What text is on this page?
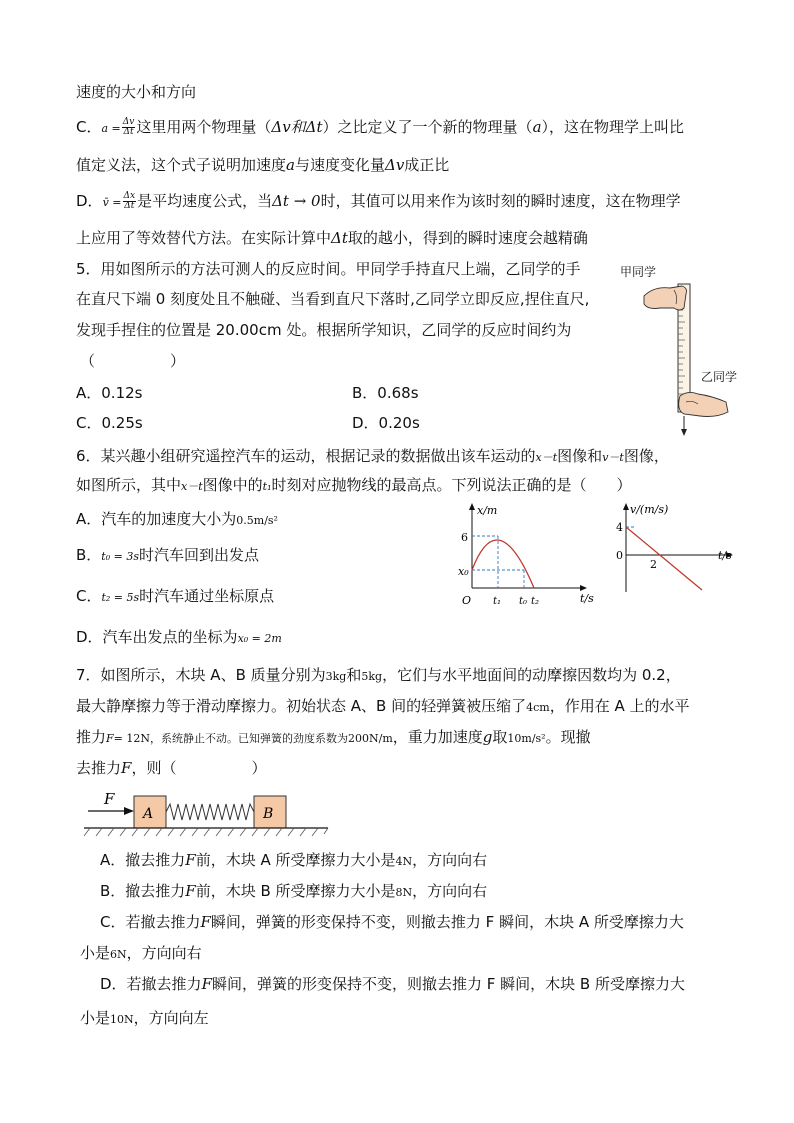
速度的大小和方向
C．$a = \frac{\Delta v}{\Delta t}$ 这里用两个物理量（Δv和Δt）之比定义了一个新的物理量（a），这在物理学上叫比
值定义法，这个式子说明加速度a与速度变化量Δv成正比
D．v̄ = $\frac{\Delta x}{\Delta t}$ 是平均速度公式，当Δt → 0时，其值可以用来作为该时刻的瞬时速度，这在物理学
上应用了等效替代方法。在实际计算中Δt取的越小，得到的瞬时速度会越精确
5．用如图所示的方法可测人的反应时间。甲同学手持直尺上端，乙同学的手
在直尺下端 0 刻度处且不触碰、当看到直尺下落时,乙同学立即反应,捏住直尺,
发现手捏住的位置是 20.00cm 处。根据所学知识，乙同学的反应时间约为
（　　　　　）
A．0.12s	B．0.68s
C．0.25s	D．0.20s
甲同学
乙同学
6．某兴趣小组研究遥控汽车的运动，根据记录的数据做出该车运动的x－t图像和v－t图像，
如图所示，其中x－t图像中的t₁时刻对应抛物线的最高点。下列说法正确的是（　　）
A．汽车的加速度大小为0.5m/s²
B．t₀ = 3s时汽车回到出发点
C．t₂ = 5s时汽车通过坐标原点
D．汽车出发点的坐标为x₀ = 2m
x/m
t/s
6
x₀
O t₁ t₀ t₂
v/(m/s)
t/s
4
0
2
7．如图所示，木块 A、B 质量分别为3kg和5kg，它们与水平地面间的动摩擦因数均为 0.2，
最大静摩擦力等于滑动摩擦力。初始状态 A、B 间的轻弹簧被压缩了4cm，作用在 A 上的水平
推力F= 12N，系统静止不动。已知弹簧的劲度系数为200N/m，重力加速度g取10m/s²。现撤
去推力F，则（　　　　　）
F
A	B
A．撤去推力F前，木块 A 所受摩擦力大小是4N，方向向右
B．撤去推力F前，木块 B 所受摩擦力大小是8N，方向向右
C．若撤去推力F瞬间，弹簧的形变保持不变，则撤去推力 F 瞬间，木块 A 所受摩擦力大
小是6N，方向向右
D．若撤去推力F瞬间，弹簧的形变保持不变，则撤去推力 F 瞬间，木块 B 所受摩擦力大
小是10N，方向向左
